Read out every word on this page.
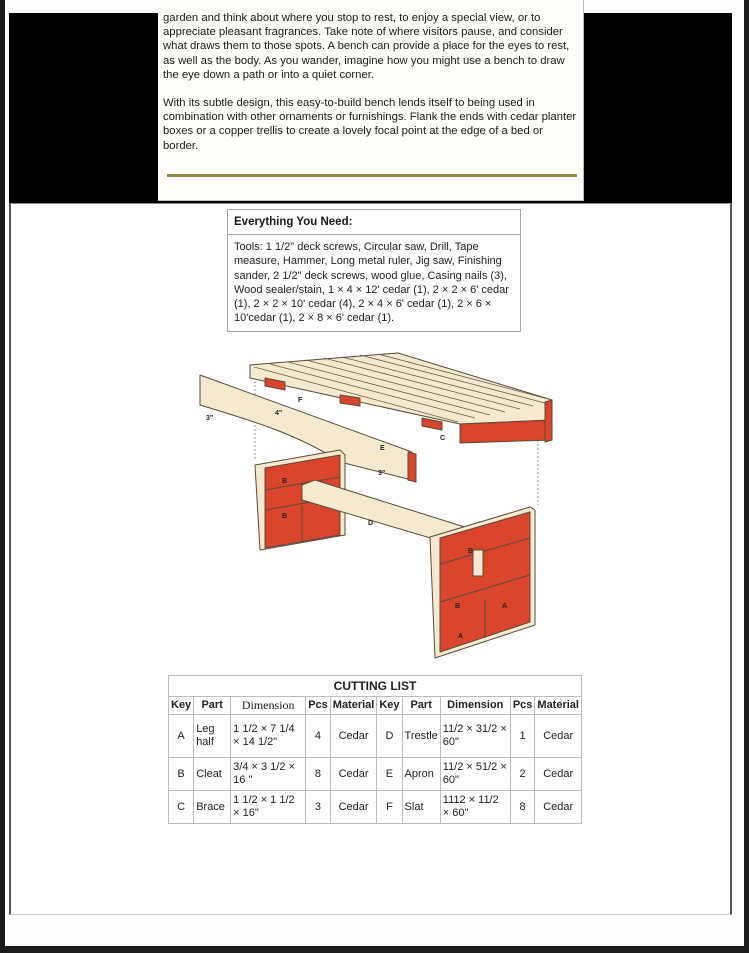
garden and think about where you stop to rest, to enjoy a special view, or to appreciate pleasant fragrances. Take note of where visitors pause, and consider what draws them to those spots. A bench can provide a place for the eyes to rest, as well as the body. As you wander, imagine how you might use a bench to draw the eye down a path or into a quiet corner.

With its subtle design, this easy-to-build bench lends itself to being used in combination with other ornaments or furnishings. Flank the ends with cedar planter boxes or a copper trellis to create a lovely focal point at the edge of a bed or border.

Everything You Need:
Tools: 1 1/2" deck screws, Circular saw, Drill, Tape measure, Hammer, Long metal ruler, Jig saw, Finishing sander, 2 1/2" deck screws, wood glue, Casing nails (3), Wood sealer/stain, 1 × 4 × 12' cedar (1), 2 × 2 × 6' cedar (1), 2 × 2 × 10' cedar (4), 2 × 4 × 6' cedar (1), 2 × 6 × 10'cedar (1), 2 × 8 × 6' cedar (1).
C
F
E
3"
4"
3"
B
B
D
B
B	A
A
CUTTING LIST									
Key	Part	Dimension	Pcs	Material	Key	Part	Dimension	Pcs	Material
A	Leg half	1 1/2 × 7 1/4 × 14 1/2"	4	Cedar	D	Trestle	11/2 × 31/2 × 60"	1	Cedar
B	Cleat	3/4 × 3 1/2 × 16 "	8	Cedar	E	Apron	11/2 × 51/2 × 60"	2	Cedar
C	Brace	1 1/2 × 1 1/2 × 16"	3	Cedar	F	Slat	1112 × 11/2 × 60"	8	Cedar
